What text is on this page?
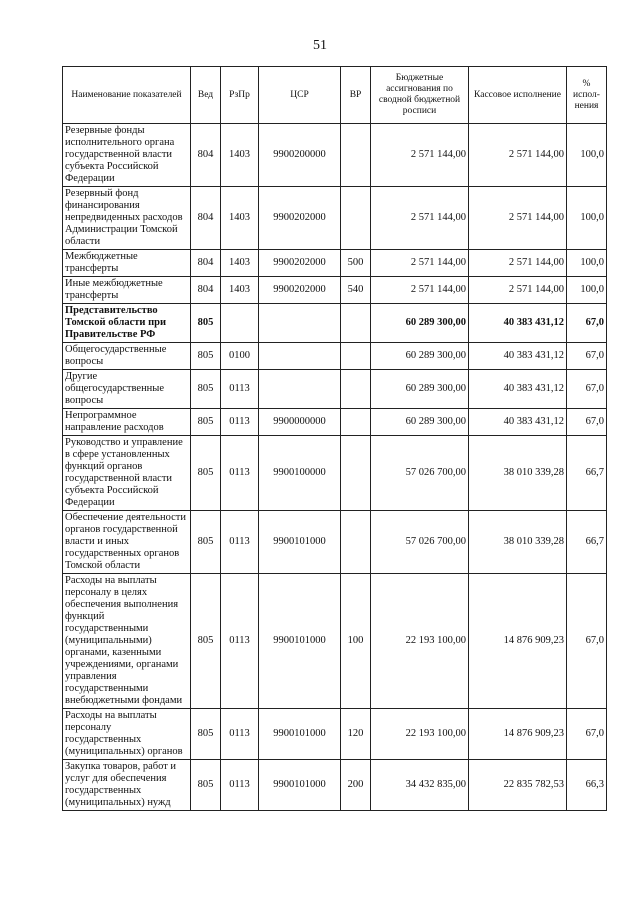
51
Наименование показателей	Вед	РзПр	ЦСР	ВР	Бюджетные ассигнования по сводной бюджетной росписи	Кассовое исполнение	% испол-нения
Резервные фонды исполнительного органа государственной власти субъекта Российской Федерации	804	1403	9900200000		2 571 144,00	2 571 144,00	100,0
Резервный фонд финансирования непредвиденных расходов Администрации Томской области	804	1403	9900202000		2 571 144,00	2 571 144,00	100,0
Межбюджетные трансферты	804	1403	9900202000	500	2 571 144,00	2 571 144,00	100,0
Иные межбюджетные трансферты	804	1403	9900202000	540	2 571 144,00	2 571 144,00	100,0
Представительство Томской области при Правительстве РФ	805				60 289 300,00	40 383 431,12	67,0
Общегосударственные вопросы	805	0100			60 289 300,00	40 383 431,12	67,0
Другие общегосударственные вопросы	805	0113			60 289 300,00	40 383 431,12	67,0
Непрограммное направление расходов	805	0113	9900000000		60 289 300,00	40 383 431,12	67,0
Руководство и управление в сфере установленных функций органов государственной власти субъекта Российской Федерации	805	0113	9900100000		57 026 700,00	38 010 339,28	66,7
Обеспечение деятельности органов государственной власти и иных государственных органов Томской области	805	0113	9900101000		57 026 700,00	38 010 339,28	66,7
Расходы на выплаты персоналу в целях обеспечения выполнения функций государственными (муниципальными) органами, казенными учреждениями, органами управления государственными внебюджетными фондами	805	0113	9900101000	100	22 193 100,00	14 876 909,23	67,0
Расходы на выплаты персоналу государственных (муниципальных) органов	805	0113	9900101000	120	22 193 100,00	14 876 909,23	67,0
Закупка товаров, работ и услуг для обеспечения государственных (муниципальных) нужд	805	0113	9900101000	200	34 432 835,00	22 835 782,53	66,3
